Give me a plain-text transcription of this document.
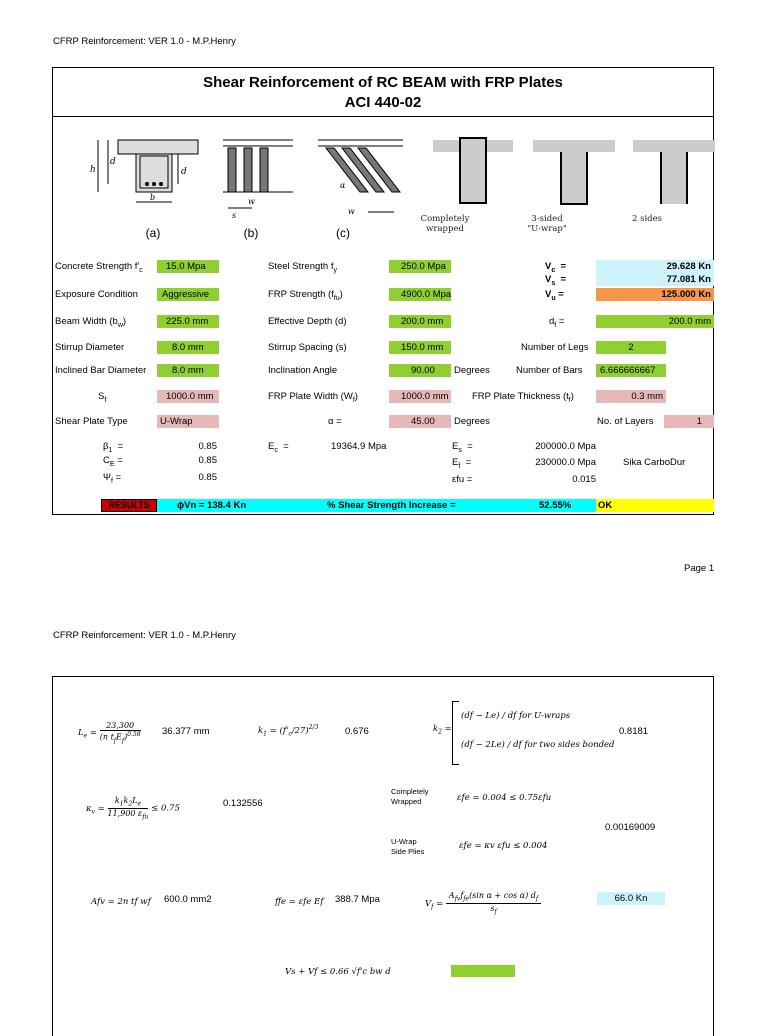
CFRP Reinforcement: VER 1.0 - M.P.Henry
Shear Reinforcement of RC BEAM with FRP Plates
ACI 440-02
h
d
d
b
s
w
α
w
(a)	(b)	(c)
Completely
wrapped
3-sided
"U-wrap"
2 sides
Concrete Strength $f'_c$	15.0 Mpa	Steel Strength $f_y$	250.0 Mpa	$V_c$  =	29.628 Kn
$V_s$  =	77.081 Kn
Exposure Condition	Aggressive	FRP Strength $(f_{fu})$	4900.0 Mpa	$V_u$ =	125.000 Kn
Beam Width $(b_w)$	225.0 mm	Effective Depth (d)	200.0 mm	$d_f$ =	200.0 mm
Stirrup Diameter	8.0 mm	Stirrup Spacing (s)	150.0 mm	Number of Legs	2
Inclined Bar Diameter	8.0 mm	Inclination Angle	90.00	Degrees	Number of Bars	6.666666667
$S_f$	1000.0 mm	FRP Plate Width $(W_f)$	1000.0 mm FRP Plate Thickness $(t_f)$	0.3 mm
Shear Plate Type	U-Wrap	α =	45.00	Degrees	No. of Layers	1
$\beta_1$  =	0.85
$C_E$ =	0.85
$\Psi_f$ =	0.85
$E_c$  =	19364.9 Mpa	$E_s$  =	200000.0 Mpa
$E_f$  =	230000.0 Mpa	Sika CarboDur
εfu =	0.015
RESULTS	ϕVn = 138.4 Kn	% Shear Strength Increase =	52.55%	OK
Page 1
CFRP Reinforcement: VER 1.0 - M.P.Henry
$L_e$ =
23,300
(n $t_fE_f)^{0.58}$ 36.377 mm	$k_1 = (f'_c/27)^{2/3}$	0.676	$k_2$ =
(df − Le) / df for U-wraps
(df − 2Le) / df for two sides bonded
0.8181
$\kappa_v$ =
$k_1k_2L_e$
11,900 $\varepsilon_{fu}$
≤ 0.75	0.132556
Completely
Wrapped	εfe = 0.004 ≤ 0.75εfu
0.00169009
U-Wrap
Side Plies
εfe = κv εfu ≤ 0.004
Afv = 2n tf wf 600.0 mm2	ffe = εfe Ef 388.7 Mpa	$V_f$ =
$A_{fv}f_{fe}(\sin$ α + cos α) $d_f$
$s_f$
66.0 Kn
Vs + Vf ≤ 0.66 √f'c bw d
